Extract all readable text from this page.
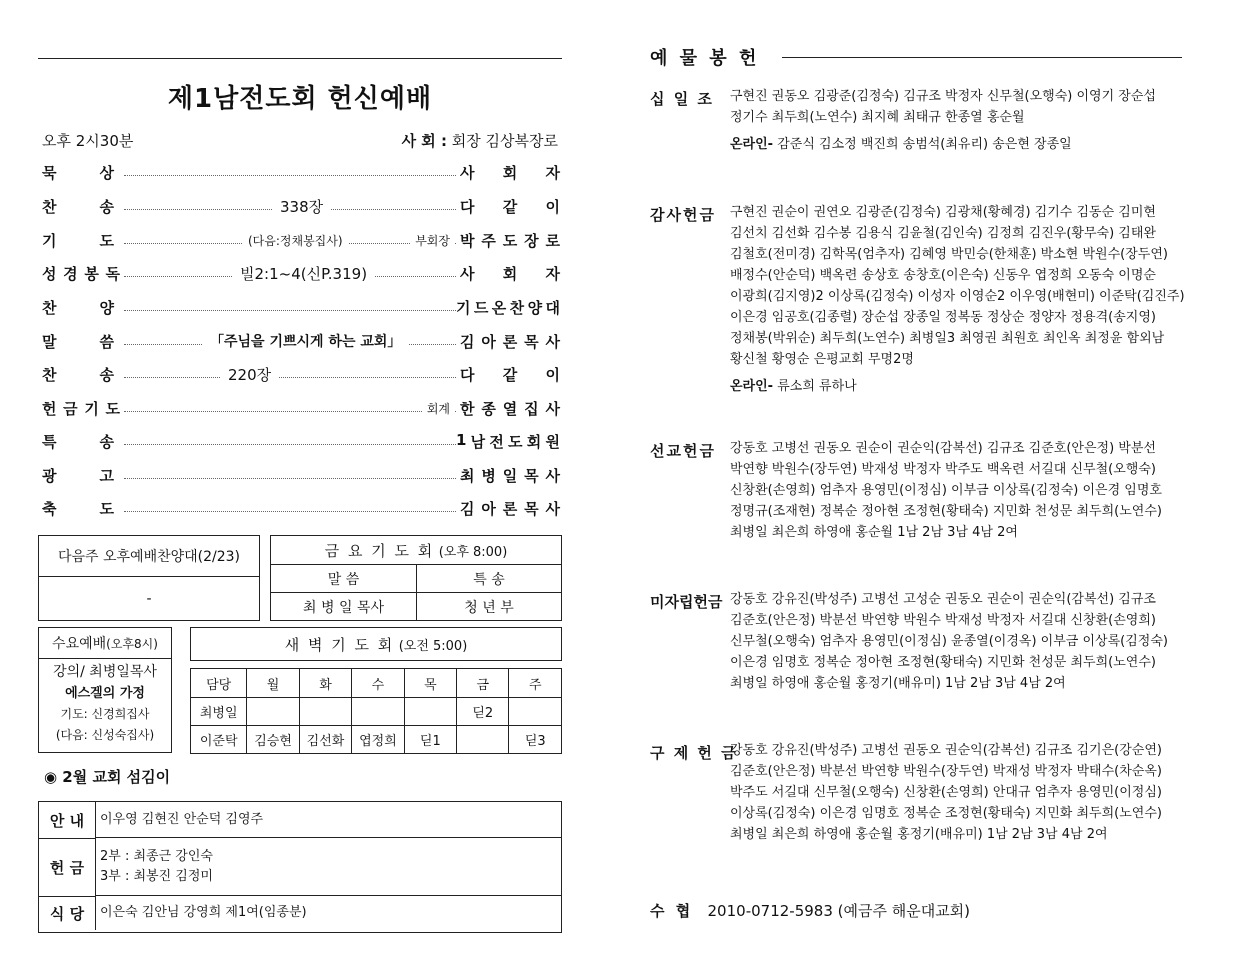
제1남전도회 헌신예배
오후 2시30분	사 회 : 회장 김상복장로
묵	상	사 회 자
찬	송	338장	다 같 이
기	도	(다음:정채봉집사)	부회장 박 주 도 장 로
성 경 봉 독	빌2:1~4(신P.319)	사 회 자
찬	양	기 드 온 찬 양 대
말	씀	「주님을 기쁘시게 하는 교회」	김 아 론 목 사
찬	송	220장	다 같 이
헌 금 기 도	회계 한 종 열 집 사
특	송	1 남 전 도 회 원
광	고	최 병 일 목 사
축	도	김 아 론 목 사
다음주 오후예배찬양대(2/23)
-
금 요 기 도 회
(오후 8:00)
말 씀	특 송
최 병 일 목사	청 년 부
수요예배 (오후8시)
강의/ 최병일목사
에스겔의 가정
기도: 신경희집사
(다음: 신성숙집사)
새 벽 기 도 회
(오전 5:00)
담당	월	화	수	목	금	주
최병일					딛2	
이준탁	김승현	김선화	엽정희	딛1		딛3
◉ 2월 교회 섬김이
안 내	이우영 김현진 안순덕 김영주
헌 금
2부 : 최종근 강인숙
3부 : 최봉진 김정미
식 당	이은숙 김안님 강영희 제1여(임종분)
예 물 봉 헌
십 일 조 구현진 권동오 김광준(김정숙) 김규조 박정자 신무철(오행숙) 이영기 장순섭
정기수 최두희(노연수) 최지혜 최태규 한종열 홍순월
온라인- 감준식 김소정 백진희 송범석(최유리) 송은현 장종일
감사헌금 구현진 권순이 권연오 김광준(김정숙) 김광채(황혜경) 김기수 김동순 김미현
김선치 김선화 김수봉 김용식 김윤철(김인숙) 김정희 김진우(황무숙) 김태완
김철호(전미경) 김학목(엄추자) 김혜영 박민승(한채훈) 박소현 박원수(장두연)
배정수(안순덕) 백옥련 송상호 송창호(이은숙) 신동우 엽정희 오동숙 이명순
이광희(김지영)2 이상록(김정숙) 이성자 이영순2 이우영(배현미) 이준탁(김진주)
이은경 임공호(김종렬) 장순섭 장종일 정복동 정상순 정양자 정용격(송지영)
정채봉(박위순) 최두희(노연수) 최병일3 최영권 최원호 최인옥 최정윤 함외남
황신철 황영순 은평교회 무명2명
온라인- 류소희 류하나
선교헌금 강동호 고병선 권동오 권순이 권순익(감복선) 김규조 김준호(안은정) 박분선
박연향 박원수(장두연) 박재성 박정자 박주도 백옥련 서길대 신무철(오행숙)
신창환(손영희) 엄추자 용영민(이정심) 이부금 이상록(김정숙) 이은경 임명호
정명규(조재현) 정복순 정아현 조정현(황태숙) 지민화 천성문 최두희(노연수)
최병일 최은희 하영애 홍순월 1남 2남 3남 4남 2여
미자립헌금 강동호 강유진(박성주) 고병선 고성순 권동오 권순이 권순익(감복선) 김규조
김준호(안은정) 박분선 박연향 박원수 박재성 박정자 서길대 신창환(손영희)
신무철(오행숙) 엄추자 용영민(이정심) 윤종열(이경옥) 이부금 이상록(김정숙)
이은경 임명호 정복순 정아현 조정현(황태숙) 지민화 천성문 최두희(노연수)
최병일 하영애 홍순월 홍정기(배유미) 1남 2남 3남 4남 2여
구 제 헌 금
강동호 강유진(박성주) 고병선 권동오 권순익(감복선) 김규조 김기은(강순연)
김준호(안은정) 박분선 박연향 박원수(장두연) 박재성 박정자 박태수(차순옥)
박주도 서길대 신무철(오행숙) 신창환(손영희) 안대규 엄추자 용영민(이정심)
이상록(김정숙) 이은경 임명호 정복순 조정현(황태숙) 지민화 최두희(노연수)
최병일 최은희 하영애 홍순월 홍정기(배유미) 1남 2남 3남 4남 2여
수 협 2010-0712-5983 (예금주 해운대교회)
